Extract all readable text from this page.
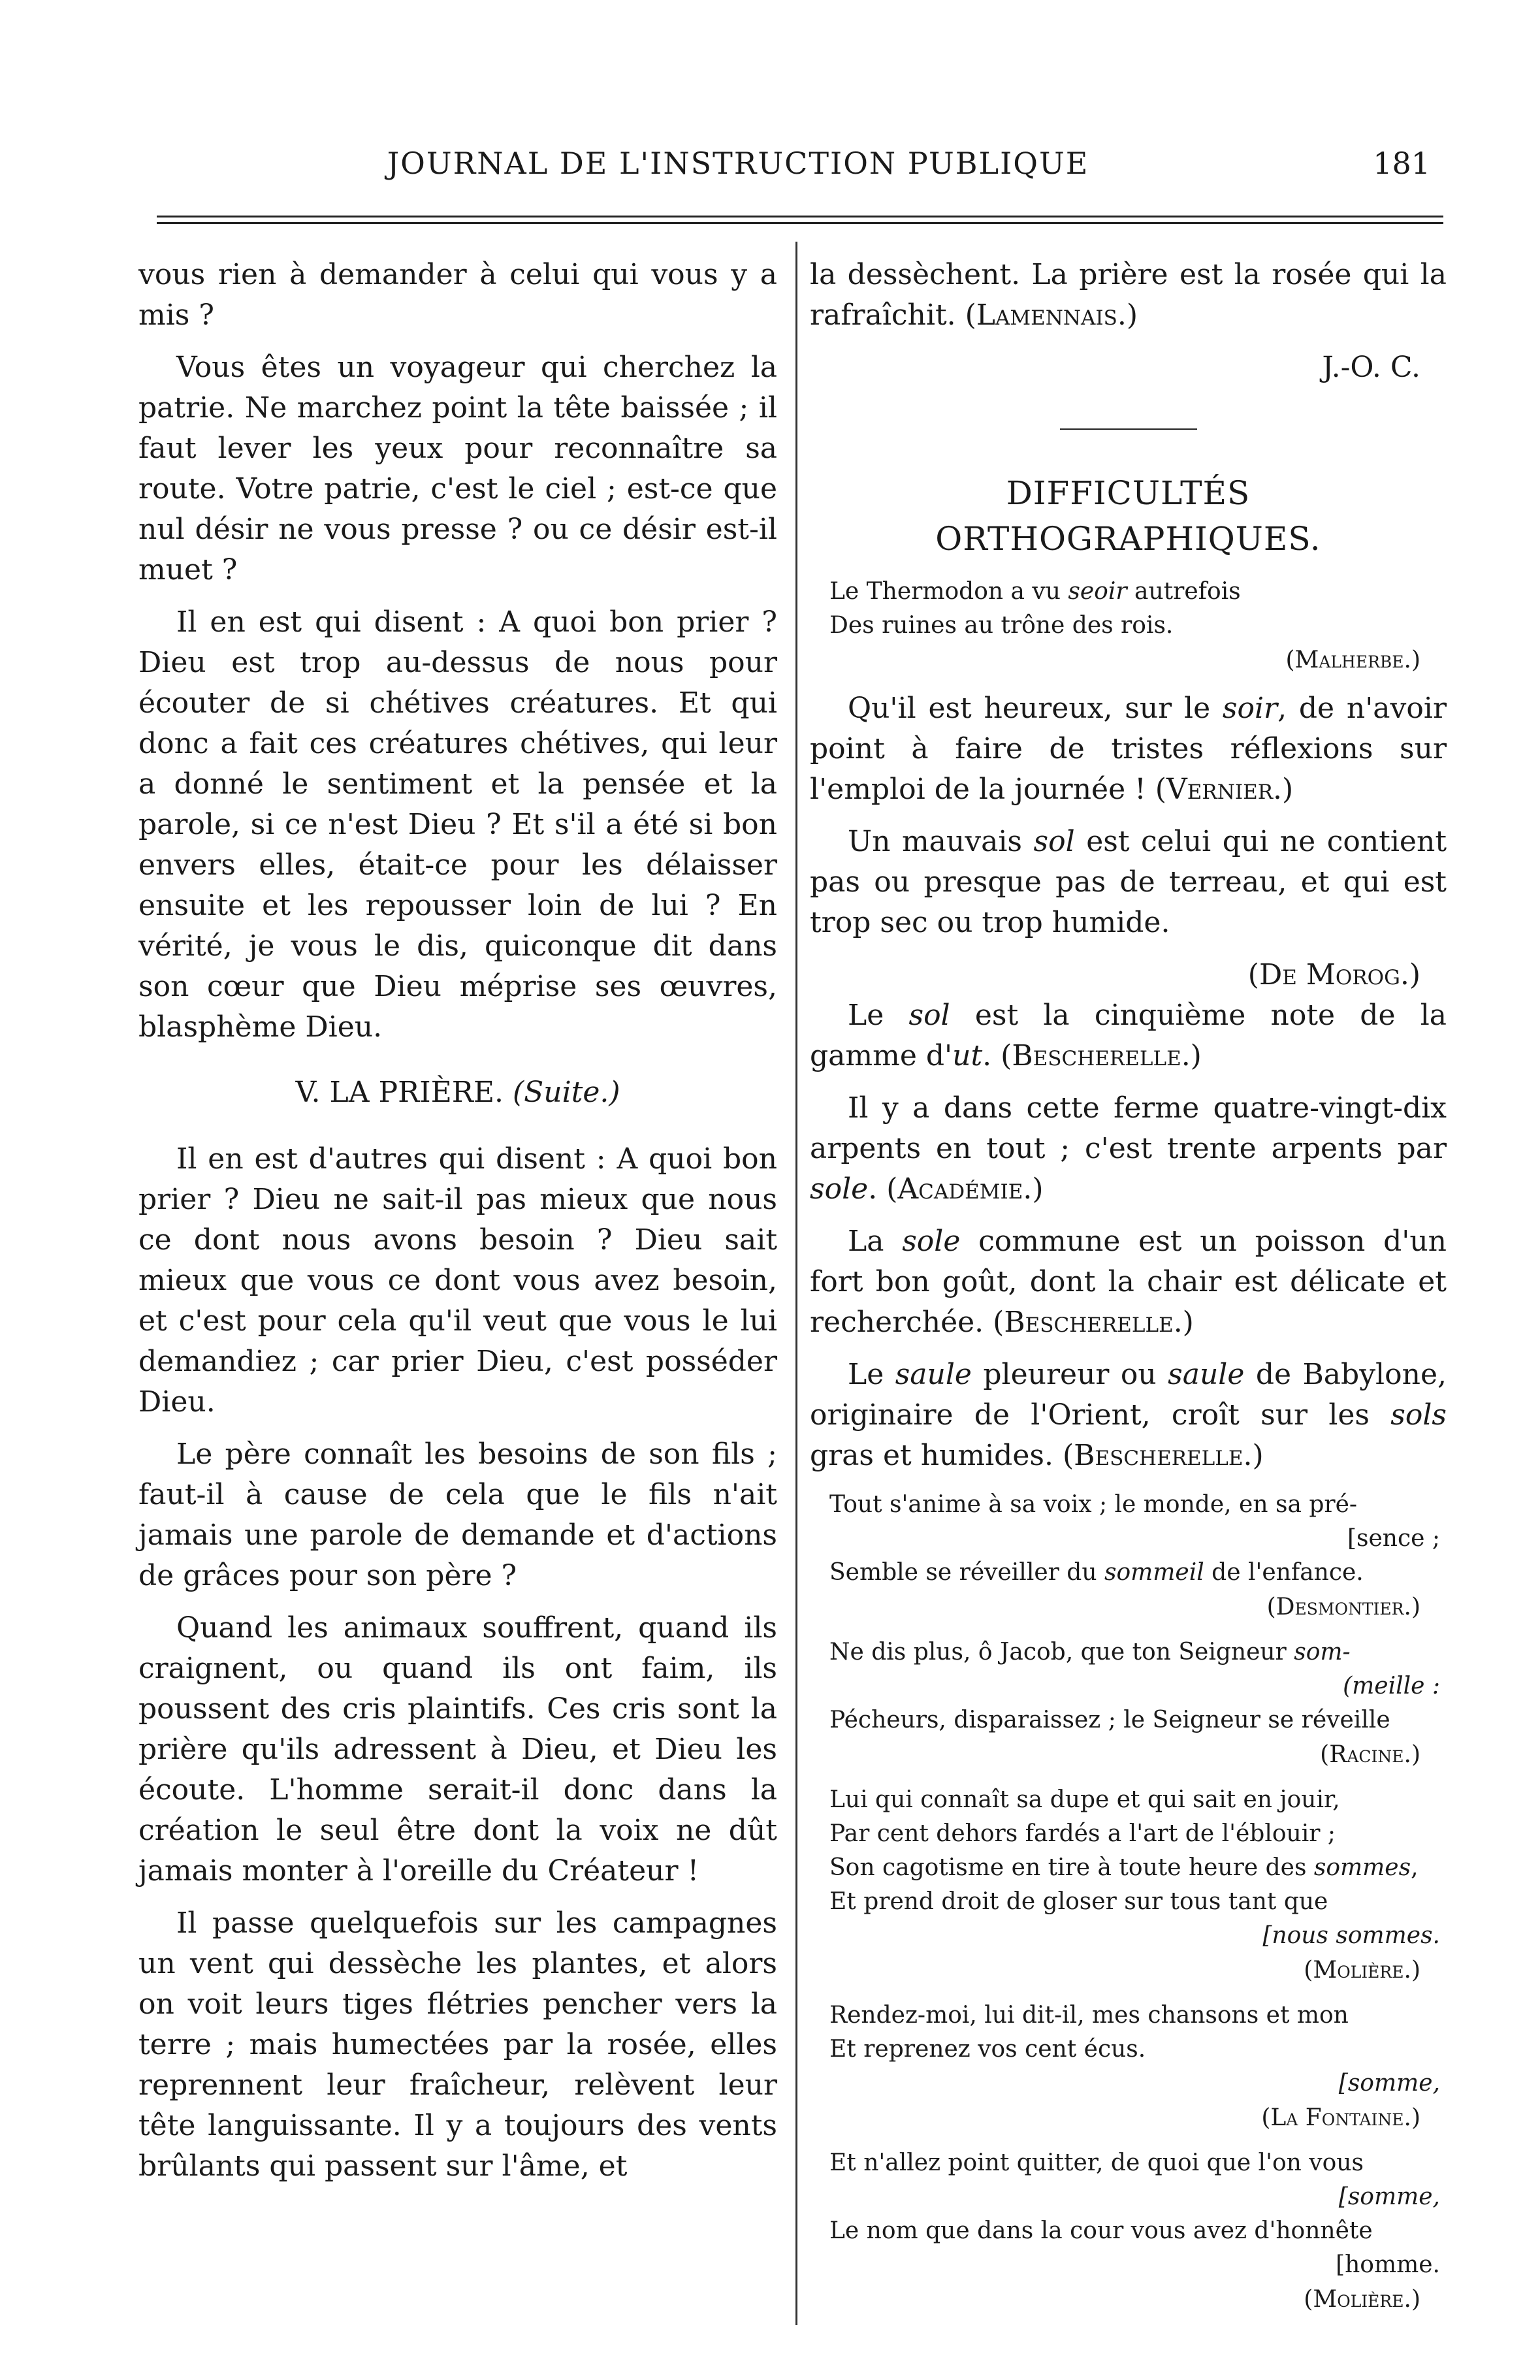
JOURNAL DE L'INSTRUCTION PUBLIQUE	181

vous rien à demander à celui qui vous y a mis ?

Vous êtes un voyageur qui cherchez la patrie. Ne marchez point la tête baissée ; il faut lever les yeux pour reconnaître sa route. Votre patrie, c'est le ciel ; est-ce que nul désir ne vous presse ? ou ce désir est-il muet ?

Il en est qui disent : A quoi bon prier ? Dieu est trop au-dessus de nous pour écouter de si chétives créatures. Et qui donc a fait ces créatures chétives, qui leur a donné le sentiment et la pensée et la parole, si ce n'est Dieu ? Et s'il a été si bon envers elles, était-ce pour les délaisser ensuite et les repousser loin de lui ? En vérité, je vous le dis, quiconque dit dans son cœur que Dieu méprise ses œuvres, blasphème Dieu.

V. LA PRIÈRE. (Suite.)

Il en est d'autres qui disent : A quoi bon prier ? Dieu ne sait-il pas mieux que nous ce dont nous avons besoin ? Dieu sait mieux que vous ce dont vous avez besoin, et c'est pour cela qu'il veut que vous le lui demandiez ; car prier Dieu, c'est posséder Dieu.

Le père connaît les besoins de son fils ; faut-il à cause de cela que le fils n'ait jamais une parole de demande et d'actions de grâces pour son père ?

Quand les animaux souffrent, quand ils craignent, ou quand ils ont faim, ils poussent des cris plaintifs. Ces cris sont la prière qu'ils adressent à Dieu, et Dieu les écoute. L'homme serait-il donc dans la création le seul être dont la voix ne dût jamais monter à l'oreille du Créateur !

Il passe quelquefois sur les campagnes un vent qui dessèche les plantes, et alors on voit leurs tiges flétries pencher vers la terre ; mais humectées par la rosée, elles reprennent leur fraîcheur, relèvent leur tête languissante. Il y a toujours des vents brûlants qui passent sur l'âme, et

la dessèchent. La prière est la rosée qui la rafraîchit. (Lamennais.)

J.-O. C.
DIFFICULTÉS ORTHOGRAPHIQUES.
Le Thermodon a vu seoir autrefois
Des ruines au trône des rois.
(Malherbe.)

Qu'il est heureux, sur le soir, de n'avoir point à faire de tristes réflexions sur l'emploi de la journée ! (Vernier.)

Un mauvais sol est celui qui ne contient pas ou presque pas de terreau, et qui est trop sec ou trop humide.

(De Morog.)

Le sol est la cinquième note de la gamme d'ut. (Bescherelle.)

Il y a dans cette ferme quatre-vingt-dix arpents en tout ; c'est trente arpents par sole. (Académie.)

La sole commune est un poisson d'un fort bon goût, dont la chair est délicate et recherchée. (Bescherelle.)

Le saule pleureur ou saule de Babylone, originaire de l'Orient, croît sur les sols gras et humides. (Bescherelle.)

Tout s'anime à sa voix ; le monde, en sa pré-
[sence ;
Semble se réveiller du sommeil de l'enfance.
(Desmontier.)
Ne dis plus, ô Jacob, que ton Seigneur som-
(meille :
Pécheurs, disparaissez ; le Seigneur se réveille
(Racine.)
Lui qui connaît sa dupe et qui sait en jouir,
Par cent dehors fardés a l'art de l'éblouir ;
Son cagotisme en tire à toute heure des sommes,
Et prend droit de gloser sur tous tant que
[nous sommes.
(Molière.)
Rendez-moi, lui dit-il, mes chansons et mon
Et reprenez vos cent écus.
[somme,
(La Fontaine.)
Et n'allez point quitter, de quoi que l'on vous
[somme,
Le nom que dans la cour vous avez d'honnête
[homme.
(Molière.)
